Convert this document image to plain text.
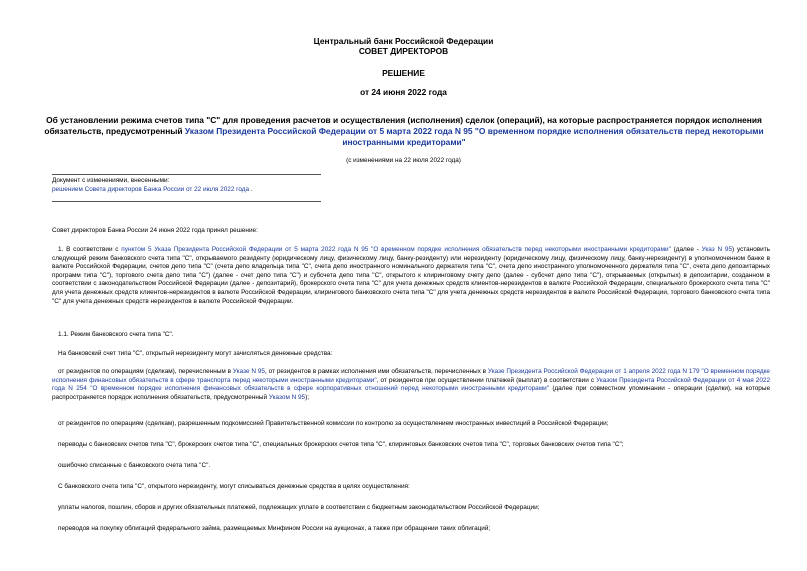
Центральный банк Российской Федерации
СОВЕТ ДИРЕКТОРОВ
РЕШЕНИЕ
от 24 июня 2022 года
Об установлении режима счетов типа "С" для проведения расчетов и осуществления (исполнения) сделок (операций), на которые распространяется порядок исполнения обязательств, предусмотренный Указом Президента Российской Федерации от 5 марта 2022 года N 95 "О временном порядке исполнения обязательств перед некоторыми иностранными кредиторами"
(с изменениями на 22 июля 2022 года)
Документ с изменениями, внесенными:
решением Совета директоров Банка России от 22 июля 2022 года .
Совет директоров Банка России 24 июня 2022 года принял решение:
1. В соответствии с пунктом 5 Указа Президента Российской Федерации от 5 марта 2022 года N 95 "О временном порядке исполнения обязательств перед некоторыми иностранными кредиторами" (далее - Указ N 95) установить следующий режим банковского счета типа "С", открываемого резиденту (юридическому лицу, физическому лицу, банку-резиденту) или нерезиденту (юридическому лицу, физическому лицу, банку-нерезиденту) в уполномоченном банке в валюте Российской Федерации, счетов депо типа "С" (счета депо владельца типа "С", счета депо иностранного номинального держателя типа "С", счета депо иностранного уполномоченного держателя типа "С", счета депо депозитарных программ типа "С"), торгового счета депо типа "С") (далее - счет депо типа "С") и субсчета депо типа "С", открытого к клиринговому счету депо (далее - субсчет депо типа "С"), открываемых (открытых) в депозитарии, созданном в соответствии с законодательством Российской Федерации (далее - депозитарий), брокерского счета типа "С" для учета денежных средств клиентов-нерезидентов в валюте Российской Федерации, специального брокерского счета типа "С" для учета денежных средств клиентов-нерезидентов в валюте Российской Федерации, клирингового банковского счета типа "С" для учета денежных средств нерезидентов в валюте Российской Федерации, торгового банковского счета типа "С" для учета денежных средств нерезидентов в валюте Российской Федерации.
1.1. Режим банковского счета типа "С".
На банковский счет типа "С", открытый нерезиденту могут зачисляться денежные средства:
от резидентов по операциям (сделкам), перечисленным в Указе N 95, от резидентов в рамках исполнения ими обязательств, перечисленных в Указе Президента Российской Федерации от 1 апреля 2022 года N 179 "О временном порядке исполнения финансовых обязательств в сфере транспорта перед некоторыми иностранными кредиторами", от резидентов при осуществлении платежей (выплат) в соответствии с Указом Президента Российской Федерации от 4 мая 2022 года N 254 "О временном порядке исполнения финансовых обязательств в сфере корпоративных отношений перед некоторыми иностранными кредиторами" (далее при совместном упоминании - операции (сделки), на которые распространяется порядок исполнения обязательств, предусмотренный Указом N 95);
от резидентов по операциям (сделкам), разрешенным подкомиссией Правительственной комиссии по контролю за осуществлением иностранных инвестиций в Российской Федерации;
переводы с банковских счетов типа "С", брокерских счетов типа "С", специальных брокерских счетов типа "С", клиринговых банковских счетов типа "С", торговых банковских счетов типа "С";
ошибочно списанные с банковского счета типа "С".
С банковского счета типа "С", открытого нерезиденту, могут списываться денежные средства в целях осуществления:
уплаты налогов, пошлин, сборов и других обязательных платежей, подлежащих уплате в соответствии с бюджетным законодательством Российской Федерации;
переводов на покупку облигаций федерального займа, размещаемых Минфином России на аукционах, а также при обращении таких облигаций;
